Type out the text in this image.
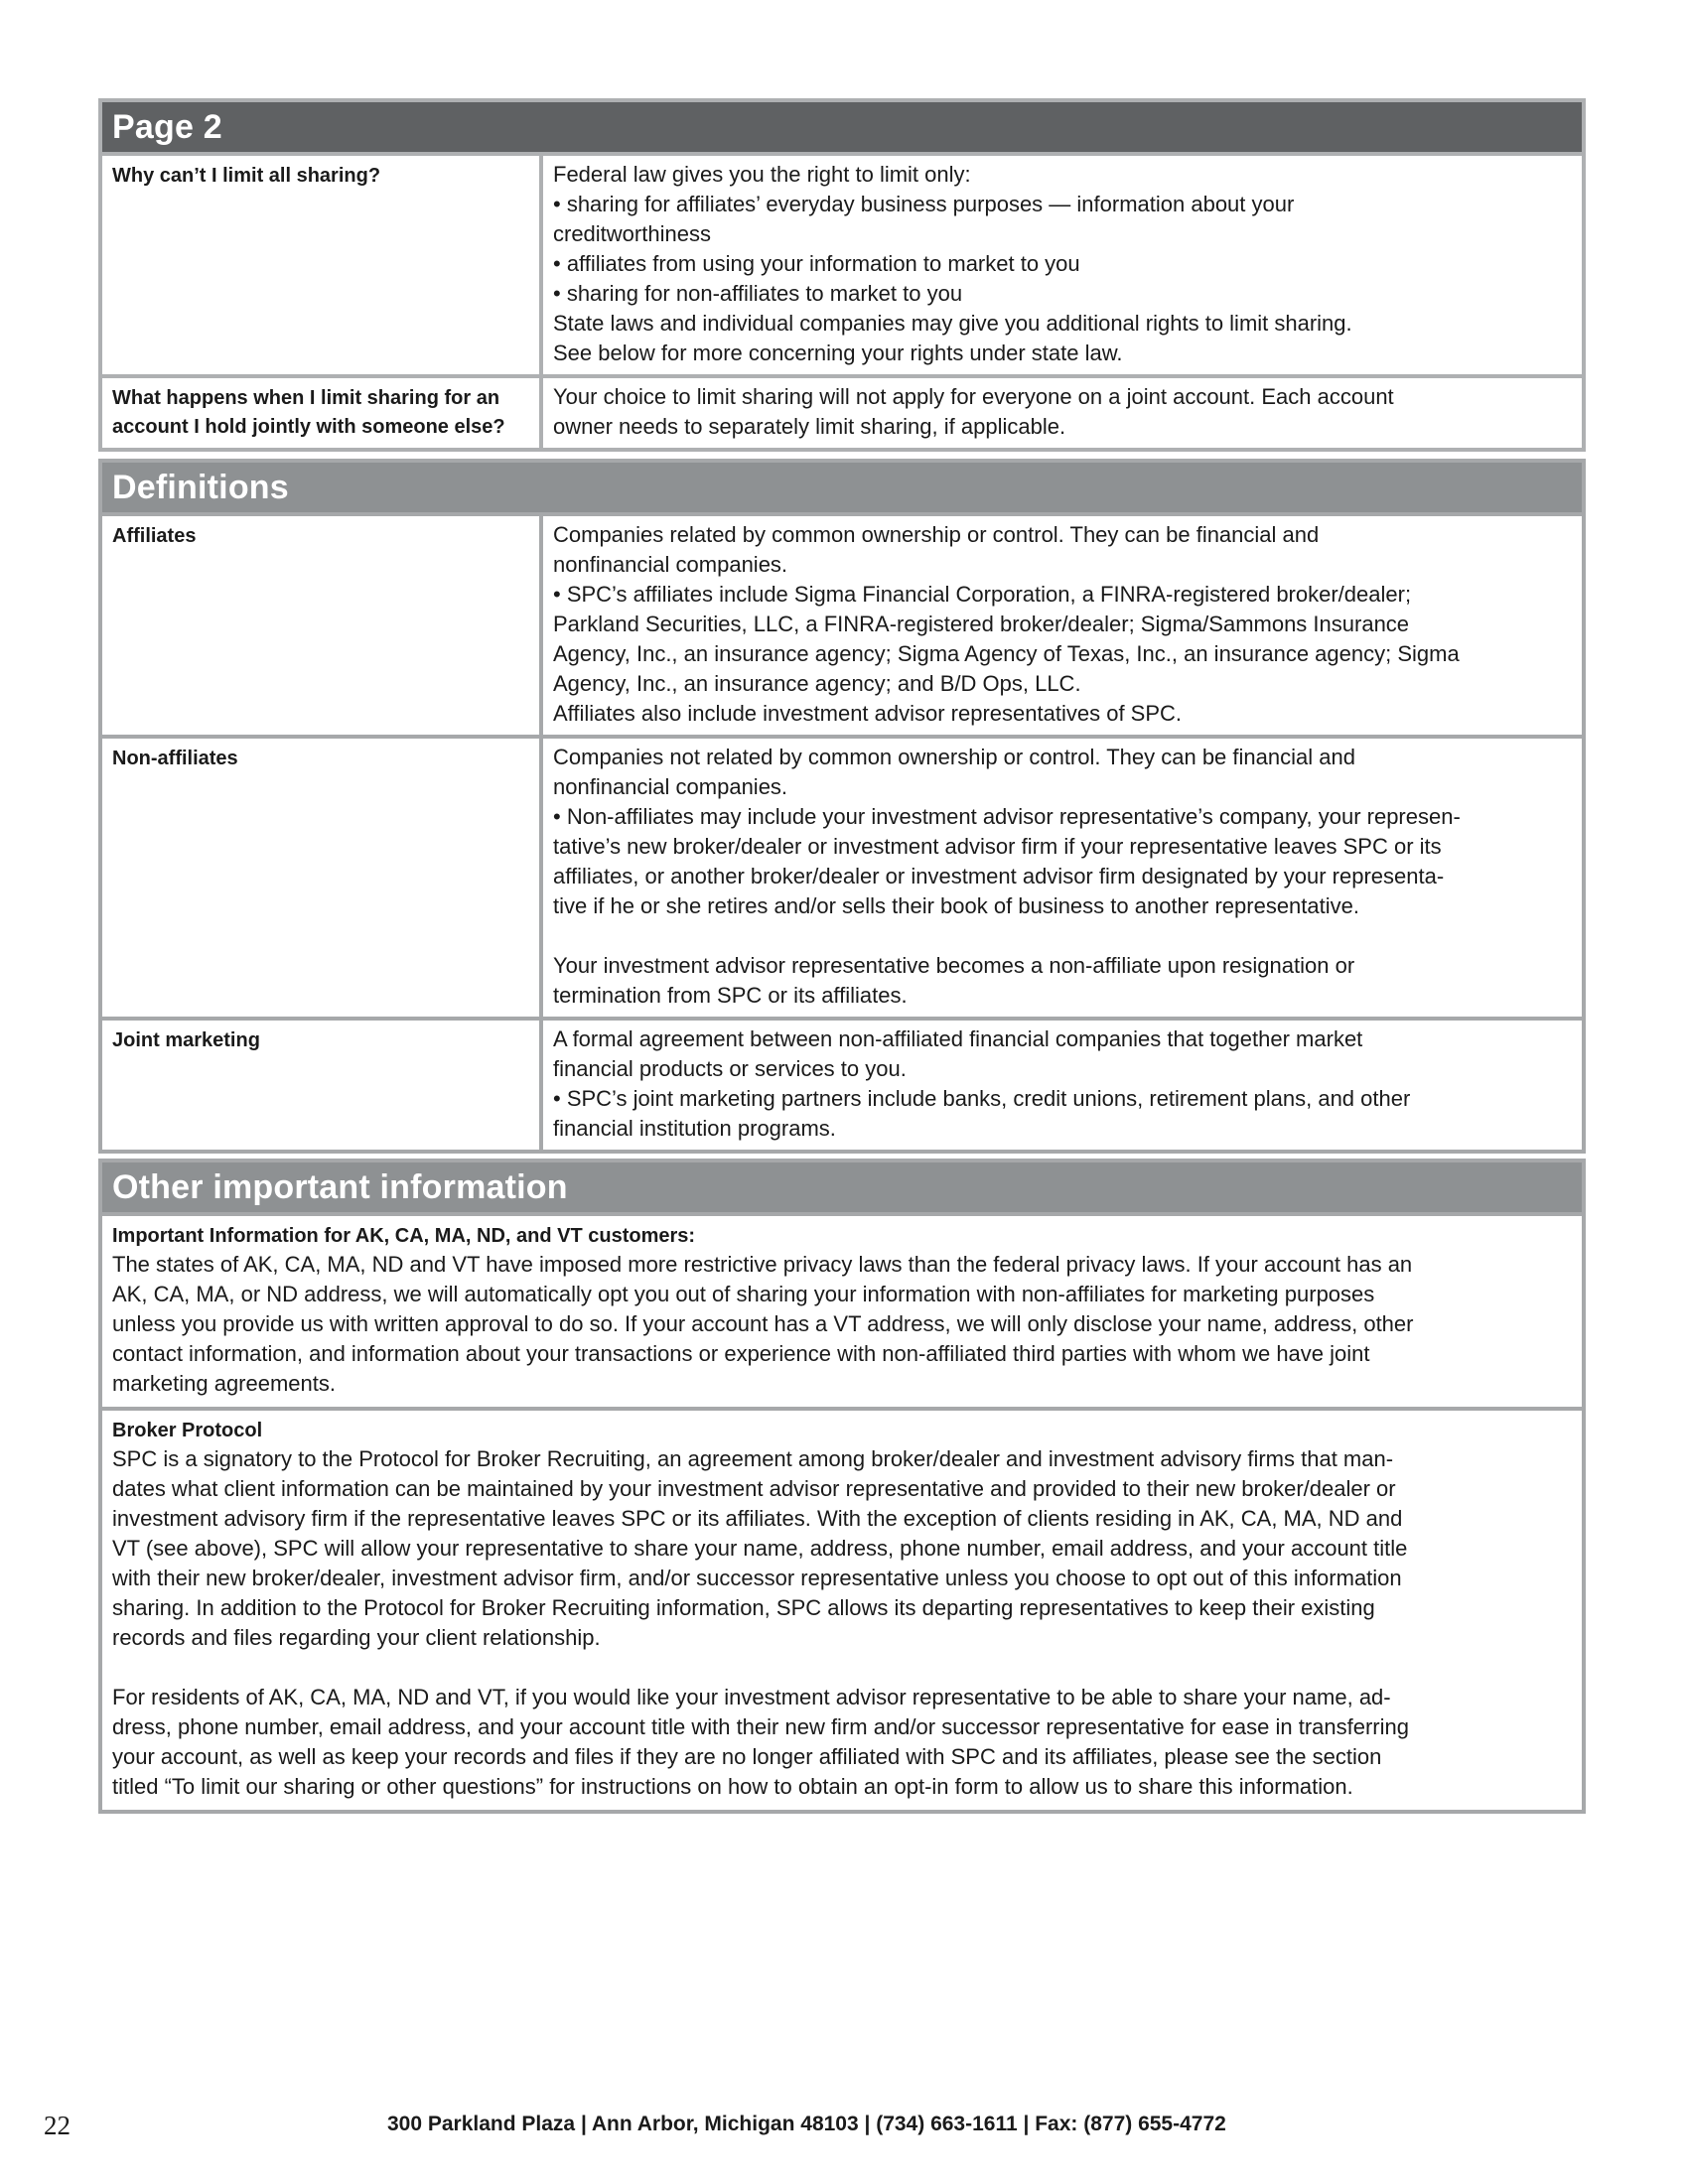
Page 2
Why can’t I limit all sharing?	Federal law gives you the right to limit only:

• sharing for affiliates’ everyday business purposes — information about your

creditworthiness

• affiliates from using your information to market to you

• sharing for non-affiliates to market to you

State laws and individual companies may give you additional rights to limit sharing.

See below for more concerning your rights under state law.

What happens when I limit sharing for an
account I hold jointly with someone else?

Your choice to limit sharing will not apply for everyone on a joint account. Each account

owner needs to separately limit sharing, if applicable.

Definitions
Affiliates	Companies related by common ownership or control. They can be financial and

nonfinancial companies.

• SPC’s affiliates include Sigma Financial Corporation, a FINRA-registered broker/dealer;

Parkland Securities, LLC, a FINRA-registered broker/dealer; Sigma/Sammons Insurance

Agency, Inc., an insurance agency; Sigma Agency of Texas, Inc., an insurance agency; Sigma

Agency, Inc., an insurance agency; and B/D Ops, LLC.

Affiliates also include investment advisor representatives of SPC.

Non-affiliates	Companies not related by common ownership or control. They can be financial and

nonfinancial companies.

• Non-affiliates may include your investment advisor representative’s company, your represen-

tative’s new broker/dealer or investment advisor firm if your representative leaves SPC or its

affiliates, or another broker/dealer or investment advisor firm designated by your representa-

tive if he or she retires and/or sells their book of business to another representative.

Your investment advisor representative becomes a non-affiliate upon resignation or

termination from SPC or its affiliates.

Joint marketing	A formal agreement between non-affiliated financial companies that together market

financial products or services to you.

• SPC’s joint marketing partners include banks, credit unions, retirement plans, and other

financial institution programs.

Other important information
Important Information for AK, CA, MA, ND, and VT customers:

The states of AK, CA, MA, ND and VT have imposed more restrictive privacy laws than the federal privacy laws. If your account has an

AK, CA, MA, or ND address, we will automatically opt you out of sharing your information with non-affiliates for marketing purposes

unless you provide us with written approval to do so. If your account has a VT address, we will only disclose your name, address, other

contact information, and information about your transactions or experience with non-affiliated third parties with whom we have joint

marketing agreements.

Broker Protocol

SPC is a signatory to the Protocol for Broker Recruiting, an agreement among broker/dealer and investment advisory firms that man-

dates what client information can be maintained by your investment advisor representative and provided to their new broker/dealer or

investment advisory firm if the representative leaves SPC or its affiliates. With the exception of clients residing in AK, CA, MA, ND and

VT (see above), SPC will allow your representative to share your name, address, phone number, email address, and your account title

with their new broker/dealer, investment advisor firm, and/or successor representative unless you choose to opt out of this information

sharing. In addition to the Protocol for Broker Recruiting information, SPC allows its departing representatives to keep their existing

records and files regarding your client relationship.

For residents of AK, CA, MA, ND and VT, if you would like your investment advisor representative to be able to share your name, ad-

dress, phone number, email address, and your account title with their new firm and/or successor representative for ease in transferring

your account, as well as keep your records and files if they are no longer affiliated with SPC and its affiliates, please see the section

titled “To limit our sharing or other questions” for instructions on how to obtain an opt-in form to allow us to share this information.

22	300 Parkland Plaza | Ann Arbor, Michigan 48103 | (734) 663-1611 | Fax: (877) 655-4772
